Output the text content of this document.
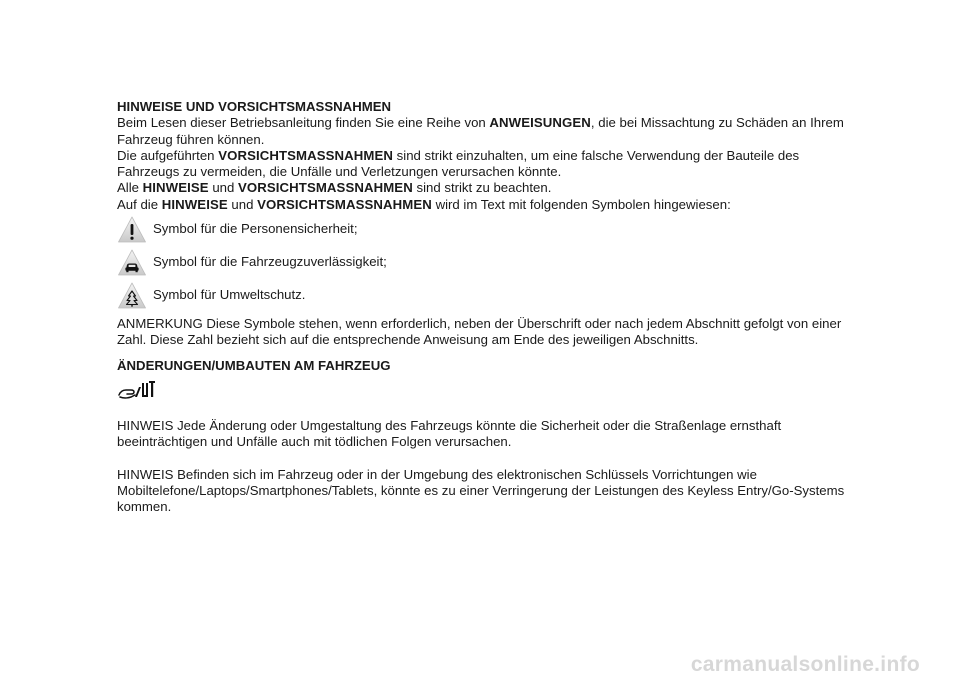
HINWEISE UND VORSICHTSMASSNAHMEN

Beim Lesen dieser Betriebsanleitung finden Sie eine Reihe von ANWEISUNGEN, die bei Missachtung zu Schäden an Ihrem Fahrzeug führen können.

Die aufgeführten VORSICHTSMASSNAHMEN sind strikt einzuhalten, um eine falsche Verwendung der Bauteile des Fahrzeugs zu vermeiden, die Unfälle und Verletzungen verursachen könnte.

Alle HINWEISE und VORSICHTSMASSNAHMEN sind strikt zu beachten.

Auf die HINWEISE und VORSICHTSMASSNAHMEN wird im Text mit folgenden Symbolen hingewiesen:

Symbol für die Personensicherheit;
Symbol für die Fahrzeugzuverlässigkeit;
Symbol für Umweltschutz.

ANMERKUNG Diese Symbole stehen, wenn erforderlich, neben der Überschrift oder nach jedem Abschnitt gefolgt von einer Zahl. Diese Zahl bezieht sich auf die entsprechende Anweisung am Ende des jeweiligen Abschnitts.

ÄNDERUNGEN/UMBAUTEN AM FAHRZEUG

HINWEIS Jede Änderung oder Umgestaltung des Fahrzeugs könnte die Sicherheit oder die Straßenlage ernsthaft beeinträchtigen und Unfälle auch mit tödlichen Folgen verursachen.

HINWEIS Befinden sich im Fahrzeug oder in der Umgebung des elektronischen Schlüssels Vorrichtungen wie Mobiltelefone/Laptops/Smartphones/Tablets, könnte es zu einer Verringerung der Leistungen des Keyless Entry/Go-Systems kommen.

carmanualsonline.info
